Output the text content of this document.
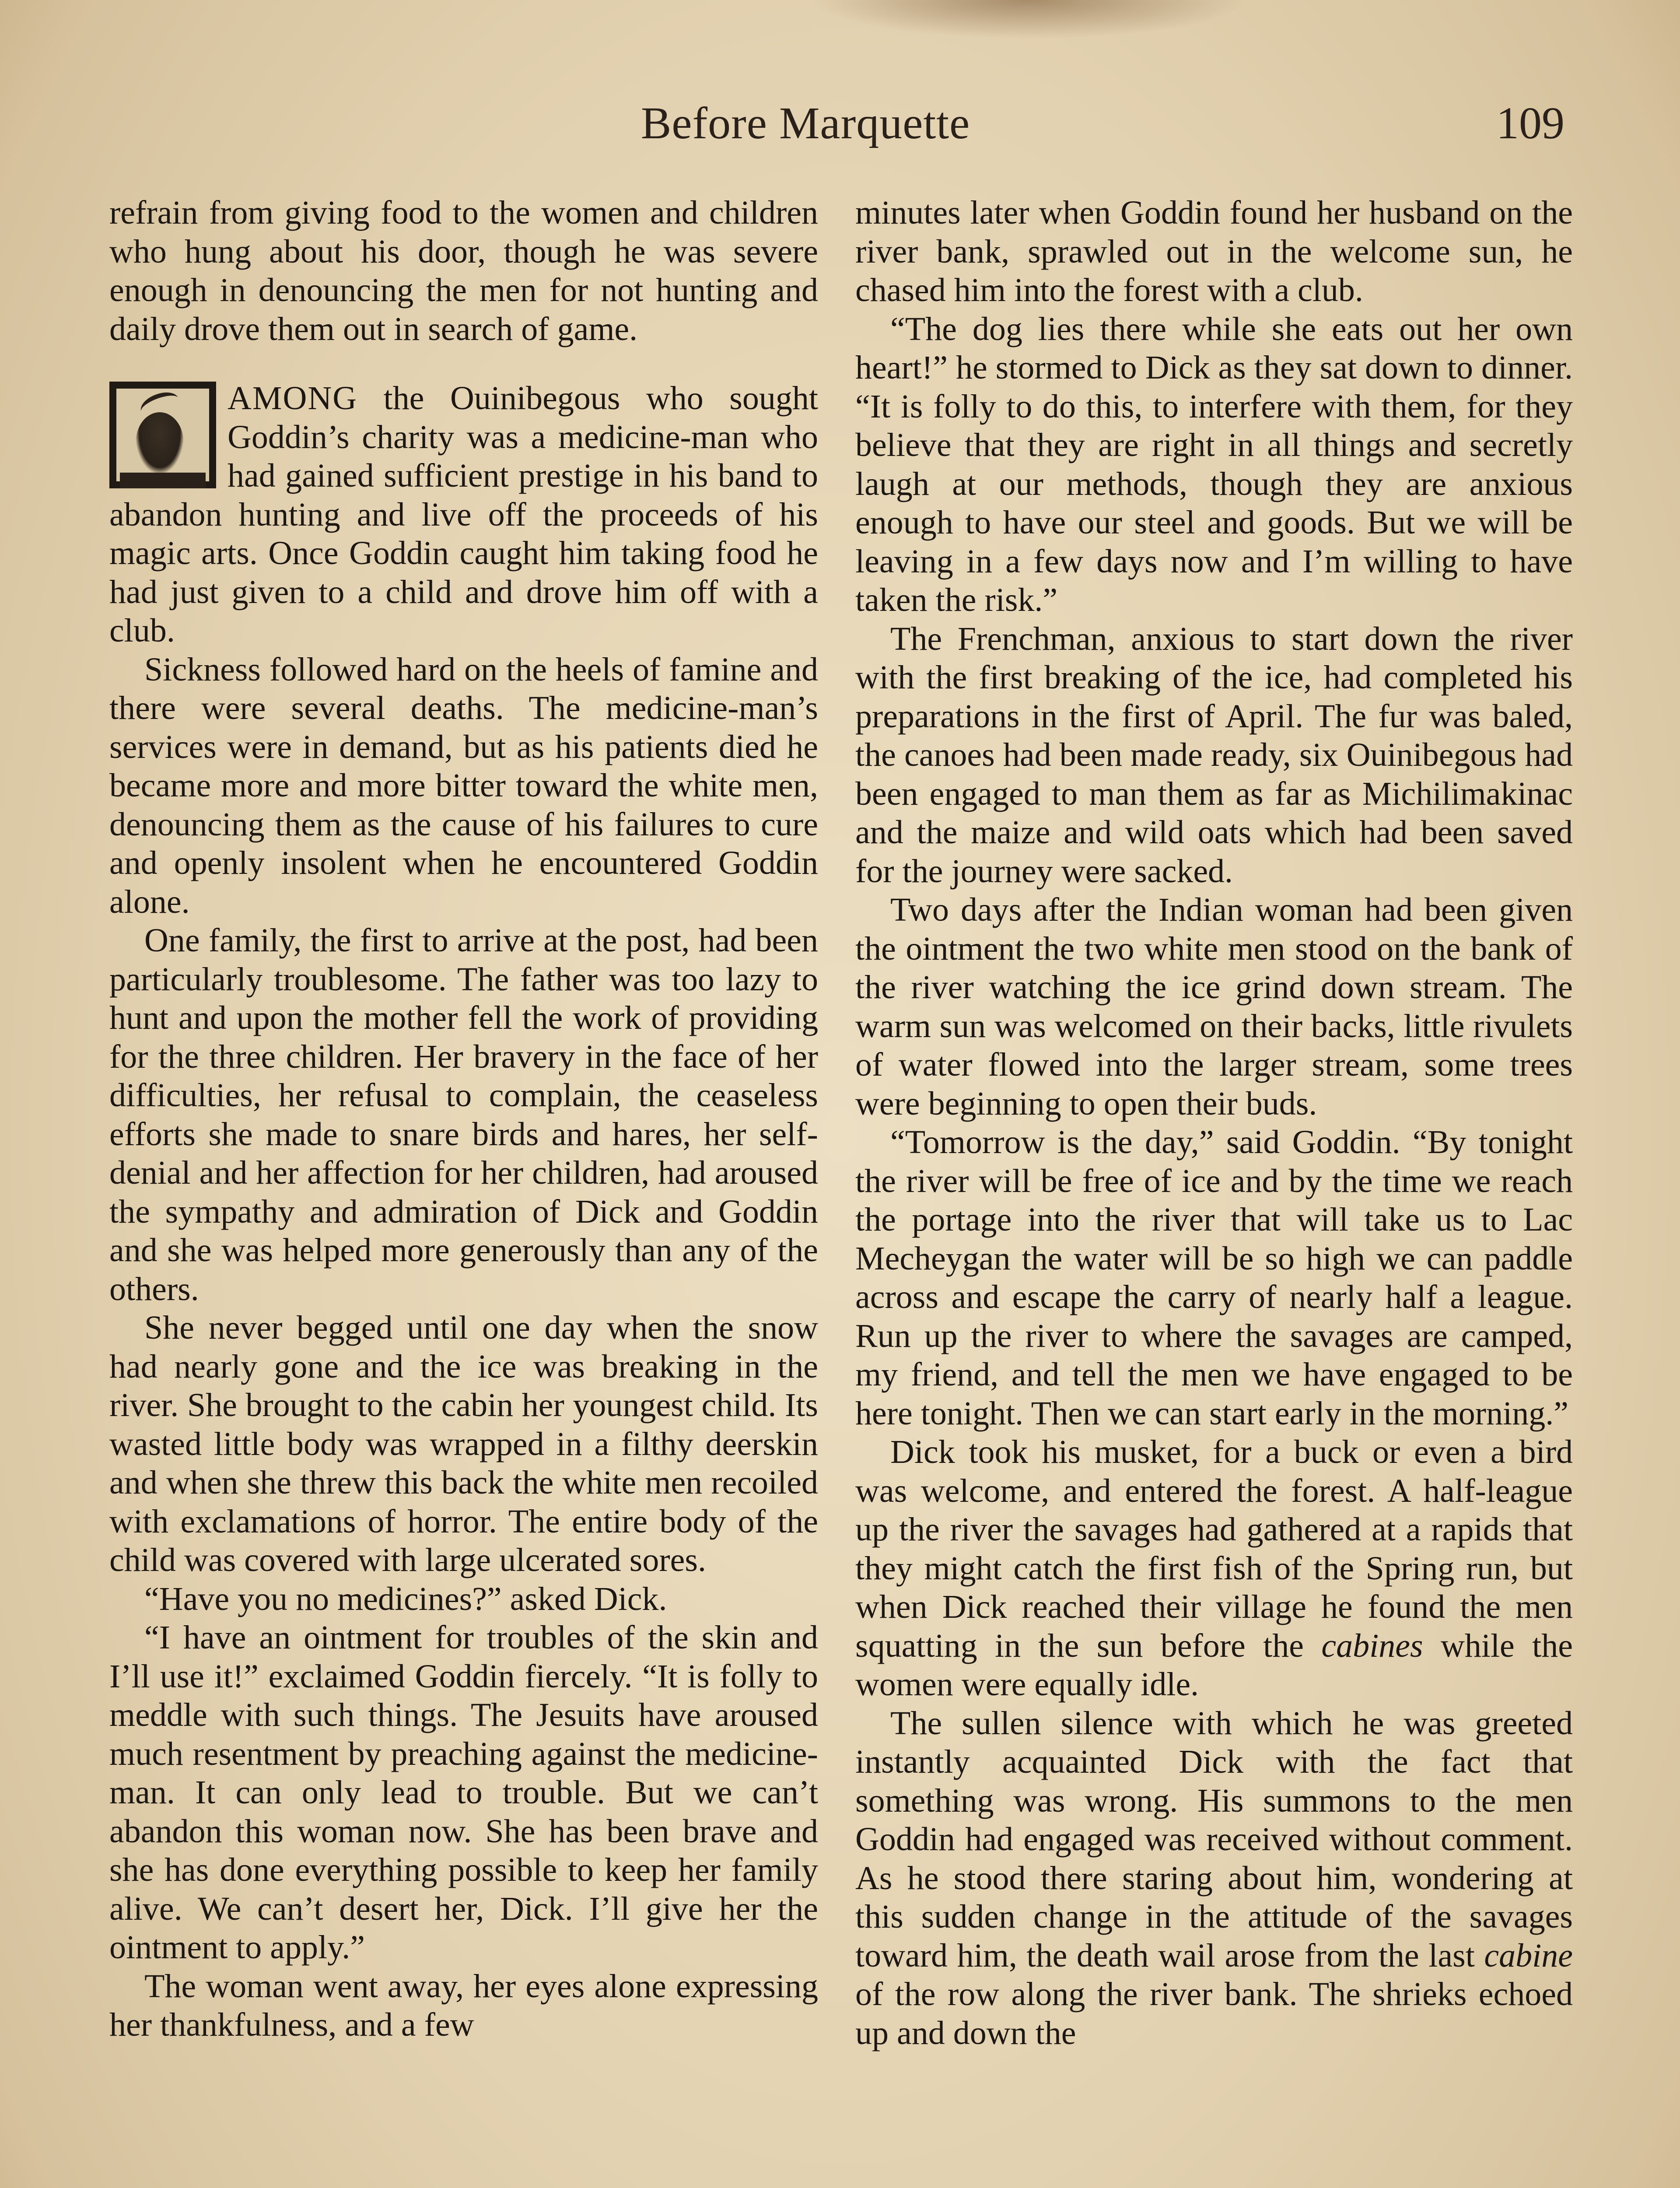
Before Marquette	109

refrain from giving food to the women and children who hung about his door, though he was severe enough in denouncing the men for not hunting and daily drove them out in search of game.

AMONG the Ouinibegous who sought Goddin’s charity was a medicine-man who had gained sufficient prestige in his band to abandon hunting and live off the proceeds of his magic arts. Once Goddin caught him taking food he had just given to a child and drove him off with a club.

Sickness followed hard on the heels of famine and there were several deaths. The medicine-man’s services were in demand, but as his patients died he became more and more bitter toward the white men, denouncing them as the cause of his failures to cure and openly insolent when he encountered Goddin alone.

One family, the first to arrive at the post, had been particularly troublesome. The father was too lazy to hunt and upon the mother fell the work of providing for the three children. Her bravery in the face of her difficulties, her refusal to complain, the ceaseless efforts she made to snare birds and hares, her self-denial and her affection for her children, had aroused the sympathy and admiration of Dick and Goddin and she was helped more generously than any of the others.

She never begged until one day when the snow had nearly gone and the ice was breaking in the river. She brought to the cabin her youngest child. Its wasted little body was wrapped in a filthy deerskin and when she threw this back the white men recoiled with exclamations of horror. The entire body of the child was covered with large ulcerated sores.

“Have you no medicines?” asked Dick.

“I have an ointment for troubles of the skin and I’ll use it!” exclaimed Goddin fiercely. “It is folly to meddle with such things. The Jesuits have aroused much resentment by preaching against the medicine-man. It can only lead to trouble. But we can’t abandon this woman now. She has been brave and she has done everything possible to keep her family alive. We can’t desert her, Dick. I’ll give her the ointment to apply.”

The woman went away, her eyes alone expressing her thankfulness, and a few

minutes later when Goddin found her husband on the river bank, sprawled out in the welcome sun, he chased him into the forest with a club.

“The dog lies there while she eats out her own heart!” he stormed to Dick as they sat down to dinner. “It is folly to do this, to interfere with them, for they believe that they are right in all things and secretly laugh at our methods, though they are anxious enough to have our steel and goods. But we will be leaving in a few days now and I’m willing to have taken the risk.”

The Frenchman, anxious to start down the river with the first breaking of the ice, had completed his preparations in the first of April. The fur was baled, the canoes had been made ready, six Ouinibegous had been engaged to man them as far as Michilimakinac and the maize and wild oats which had been saved for the journey were sacked.

Two days after the Indian woman had been given the ointment the two white men stood on the bank of the river watching the ice grind down stream. The warm sun was welcomed on their backs, little rivulets of water flowed into the larger stream, some trees were beginning to open their buds.

“Tomorrow is the day,” said Goddin. “By tonight the river will be free of ice and by the time we reach the portage into the river that will take us to Lac Mecheygan the water will be so high we can paddle across and escape the carry of nearly half a league. Run up the river to where the savages are camped, my friend, and tell the men we have engaged to be here tonight. Then we can start early in the morning.”

Dick took his musket, for a buck or even a bird was welcome, and entered the forest. A half-league up the river the savages had gathered at a rapids that they might catch the first fish of the Spring run, but when Dick reached their village he found the men squatting in the sun before the cabines while the women were equally idle.

The sullen silence with which he was greeted instantly acquainted Dick with the fact that something was wrong. His summons to the men Goddin had engaged was received without comment. As he stood there staring about him, wondering at this sudden change in the attitude of the savages toward him, the death wail arose from the last cabine of the row along the river bank. The shrieks echoed up and down the
